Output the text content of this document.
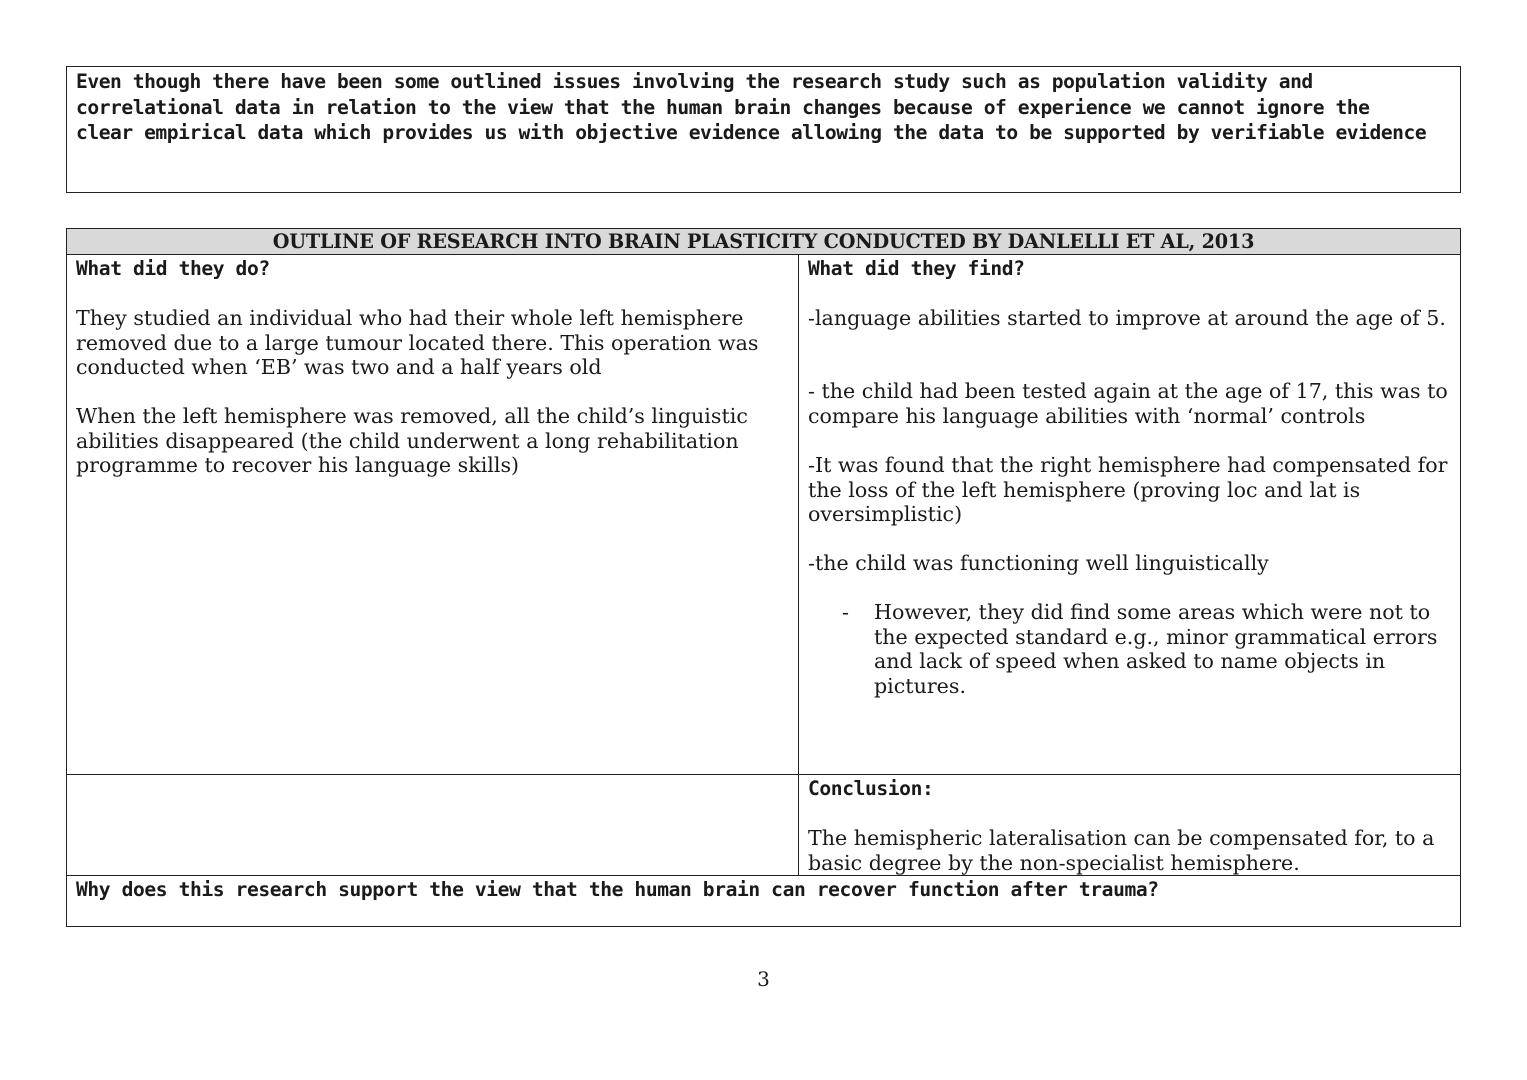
Even though there have been some outlined issues involving the research study such as population validity and
correlational data in relation to the view that the human brain changes because of experience we cannot ignore the
clear empirical data which provides us with objective evidence allowing the data to be supported by verifiable evidence
OUTLINE OF RESEARCH INTO BRAIN PLASTICITY CONDUCTED BY DANLELLI ET AL, 2013
What did they do?

They studied an individual who had their whole left hemisphere removed due to a large tumour located there. This operation was conducted when ‘EB’ was two and a half years old

When the left hemisphere was removed, all the child’s linguistic abilities disappeared (the child underwent a long rehabilitation programme to recover his language skills)

What did they find?

-language abilities started to improve at around the age of 5.

- the child had been tested again at the age of 17, this was to compare his language abilities with ‘normal’ controls

-It was found that the right hemisphere had compensated for the loss of the left hemisphere (proving loc and lat is oversimplistic)

-the child was functioning well linguistically

- However, they did find some areas which were not to the expected standard e.g., minor grammatical errors and lack of speed when asked to name objects in pictures.

Conclusion:

The hemispheric lateralisation can be compensated for, to a basic degree by the non-specialist hemisphere.

Why does this research support the view that the human brain can recover function after trauma?
3
